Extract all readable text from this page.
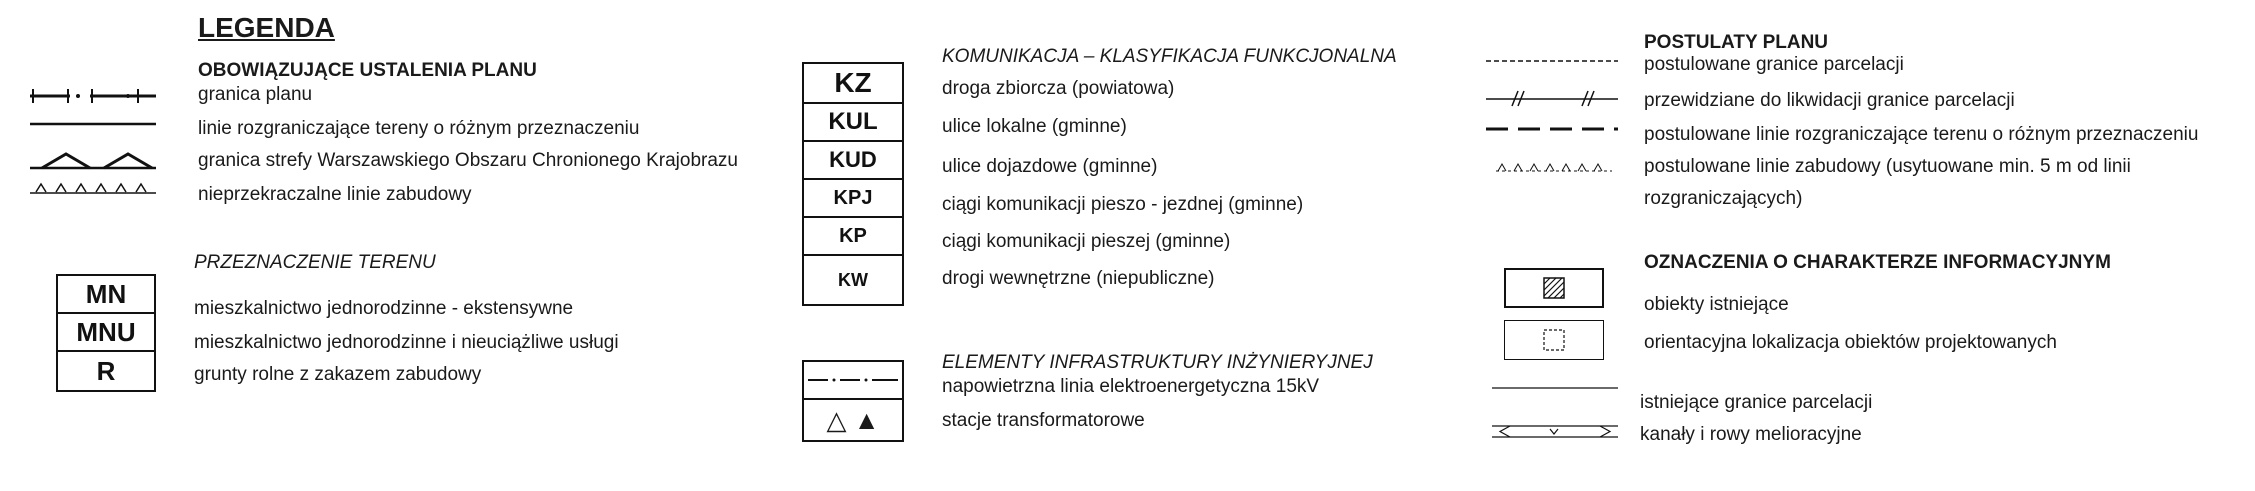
LEGENDA
OBOWIĄZUJĄCE USTALENIA PLANU
granica planu
linie rozgraniczające tereny o różnym przeznaczeniu
granica strefy Warszawskiego Obszaru Chronionego Krajobrazu
nieprzekraczalne linie zabudowy
PRZEZNACZENIE TERENU
MN
MNU
R
mieszkalnictwo jednorodzinne - ekstensywne
mieszkalnictwo jednorodzinne i nieuciążliwe usługi
grunty rolne z zakazem zabudowy
KOMUNIKACJA – KLASYFIKACJA FUNKCJONALNA
KZ
KUL
KUD
KPJ
KP
KW
droga zbiorcza (powiatowa)
ulice lokalne (gminne)
ulice dojazdowe (gminne)
ciągi komunikacji pieszo - jezdnej (gminne)
ciągi komunikacji pieszej (gminne)
drogi wewnętrzne (niepubliczne)
ELEMENTY INFRASTRUKTURY INŻYNIERYJNEJ
△ ▲
napowietrzna linia elektroenergetyczna 15kV
stacje transformatorowe
POSTULATY PLANU
postulowane granice parcelacji
przewidziane do likwidacji granice parcelacji
postulowane linie rozgraniczające terenu o różnym przeznaczeniu
postulowane linie zabudowy (usytuowane min. 5 m od linii
rozgraniczających)
OZNACZENIA O CHARAKTERZE INFORMACYJNYM
obiekty istniejące
orientacyjna lokalizacja obiektów projektowanych
istniejące granice parcelacji
kanały i rowy melioracyjne
